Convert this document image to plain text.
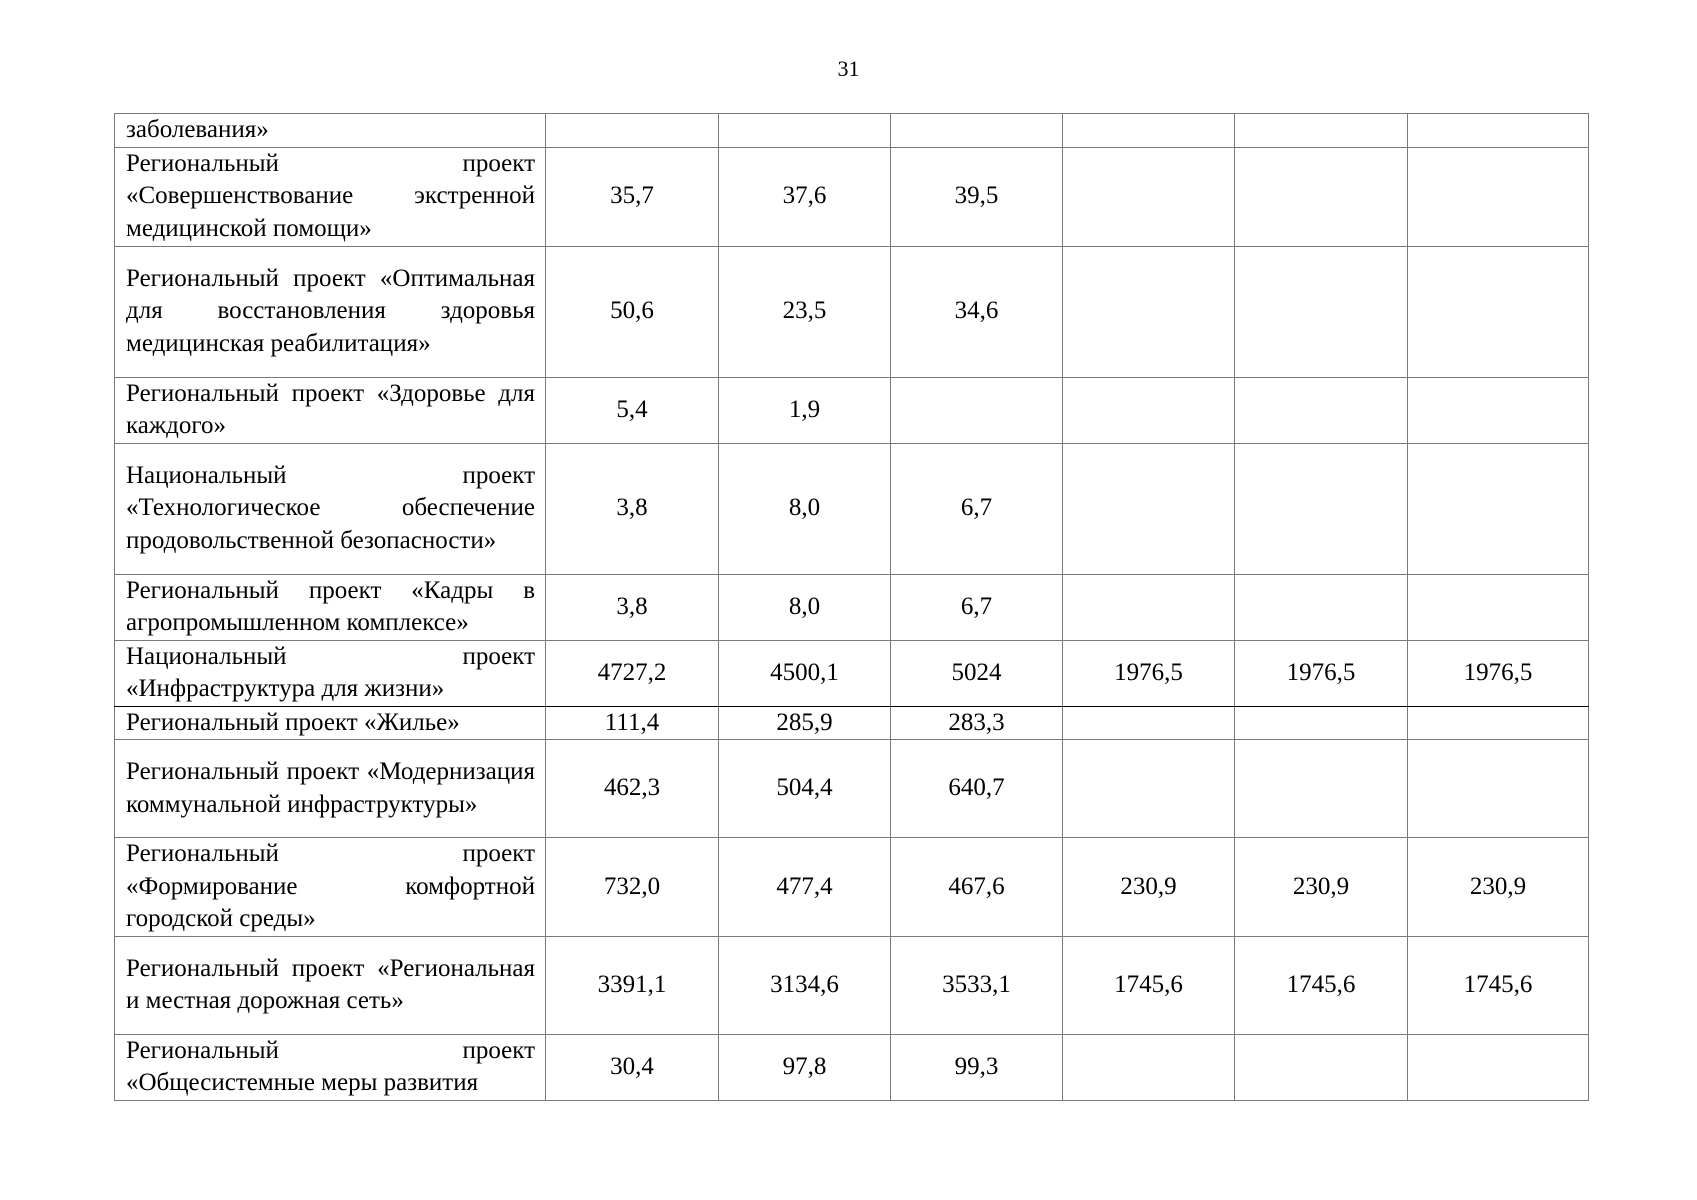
31
заболевания»						
Региональный проект «Совершенствование экстренной медицинской помощи»	35,7	37,6	39,5			
Региональный проект «Оптимальная для восстановления здоровья медицинская реабилитация»	50,6	23,5	34,6			
Региональный проект «Здоровье для каждого»	5,4	1,9				
Национальный проект «Технологическое обеспечение продовольственной безопасности»	3,8	8,0	6,7			
Региональный проект «Кадры в агропромышленном комплексе»	3,8	8,0	6,7			
Национальный проект «Инфраструктура для жизни»	4727,2	4500,1	5024	1976,5	1976,5	1976,5
Региональный проект «Жилье»	111,4	285,9	283,3			
Региональный проект «Модернизация коммунальной инфраструктуры»	462,3	504,4	640,7			
Региональный проект «Формирование комфортной городской среды»	732,0	477,4	467,6	230,9	230,9	230,9
Региональный проект «Региональная и местная дорожная сеть»	3391,1	3134,6	3533,1	1745,6	1745,6	1745,6
Региональный проект «Общесистемные меры развития	30,4	97,8	99,3			
